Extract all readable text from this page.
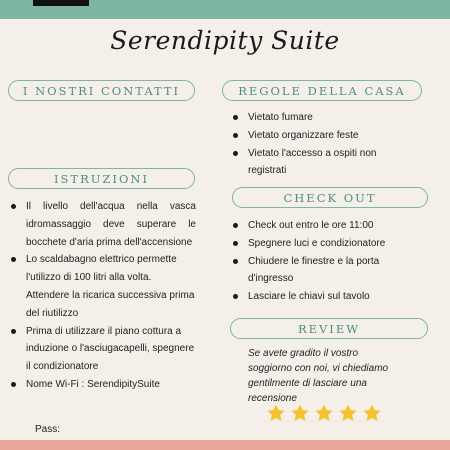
Serendipity Suite
I NOSTRI CONTATTI	REGOLE DELLA CASA
Vietato fumare
Vietato organizzare feste
Vietato l'accesso a ospiti non registrati
ISTRUZIONI
Il livello dell'acqua nella vasca idromassaggio deve superare le bocchete d'aria prima dell'accensione
Lo scaldabagno elettrico permette l'utilizzo di 100 litri alla volta. Attendere la ricarica successiva prima del riutilizzo
Prima di utilizzare il piano cottura a induzione o l'asciugacapelli, spegnere il condizionatore
Nome Wi-Fi : SerendipitySuite
Pass:
CHECK OUT
Check out entro le ore 11:00
Spegnere luci e condizionatore
Chiudere le finestre e la porta d'ingresso
Lasciare le chiavi sul tavolo
REVIEW
Se avete gradito il vostro soggiorno con noi, vi chiediamo gentilmente di lasciare una recensione
